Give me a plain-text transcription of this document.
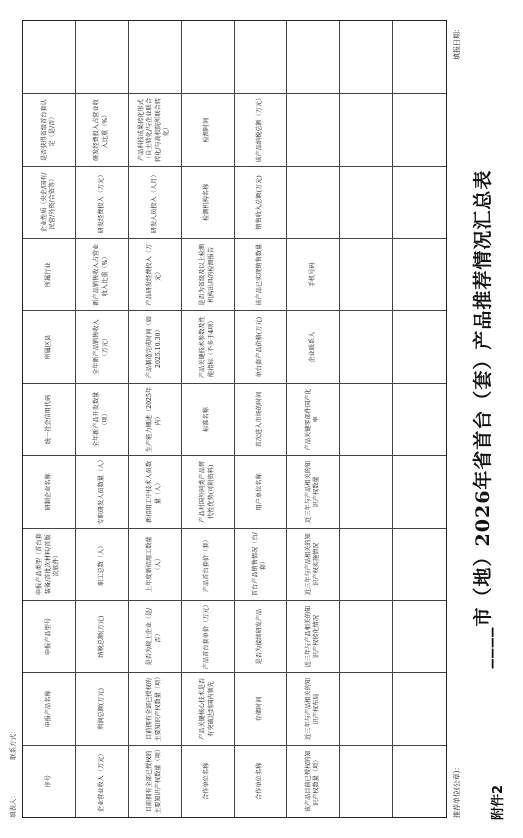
附件2
____市（地）2026年省首台（套）产品推荐情况汇总表
推荐单位(公章)：
填报日期：
序号
申报产品名称
申报产品型号
申报产品类型（首台套装备/首批次材料/首版次软件）
研制企业名称
统一社会信用代码
所属区县
所属行业
企业性质（央企/国有/民营/外资/合资等）
是否获得省级首台套认定（是/否）
企业营业收入（万元）
利润总额(万元)
纳税总额(万元)
职工总数（人）
专职研发人员数量（人）
全年新产品开发数量（项）
全年新产品销售收入（万元）
新产品销售收入占营业收入比重（%）
研发经费投入（万元）
研发经费投入占营业收入比重（%）
目前拥有全部已授权的主要知识产权数量（项）
目前拥有全部已授权的主要知识产权数量（项）
是否为规上企业（是/否）
上年度新招用工数量（人）
新招用工中技术人员数量（人）
生产能力概述（2025年内）
产品制造完成时间（如2025.10.30）
产品研发经费投入（万元）
研发人员投入（人月）
产品科技成果转化形式（自主转化/与企业联合转化/与高校院所联合转化）
合作单位名称
产品关键核心技术是否有突破达到国内领先
产品首台套单价（万元）
产品首台套价（套）
产品对国外同类产品替代性优势(可附资料)
标准名称
产品关键技术参数及性能指标（不多于4项）
是否为省级及以上检测机构出具的检测报告
检测机构名称
检测时间
合作单位名称
存储时间
是否为接续研发产品
首台产品销售情况（台/套）
用户单位名称
首次进入市场的时间
单台套产品价格(万元)
该产品已实现销售数量
销售收入总额(万元)
该产品纳税总额（万元）
该产品目前已授权的知识产权数量（项）
近三年与产品相关的知识产权布局
近三年与产品相关的知识产权转化情况
近三年与产品相关的知识产权实施情况
近三年与产品相关的知识产权数量
产品关键零部件国产化率
企业联系人
手机号码
填表人： 联系方式：
